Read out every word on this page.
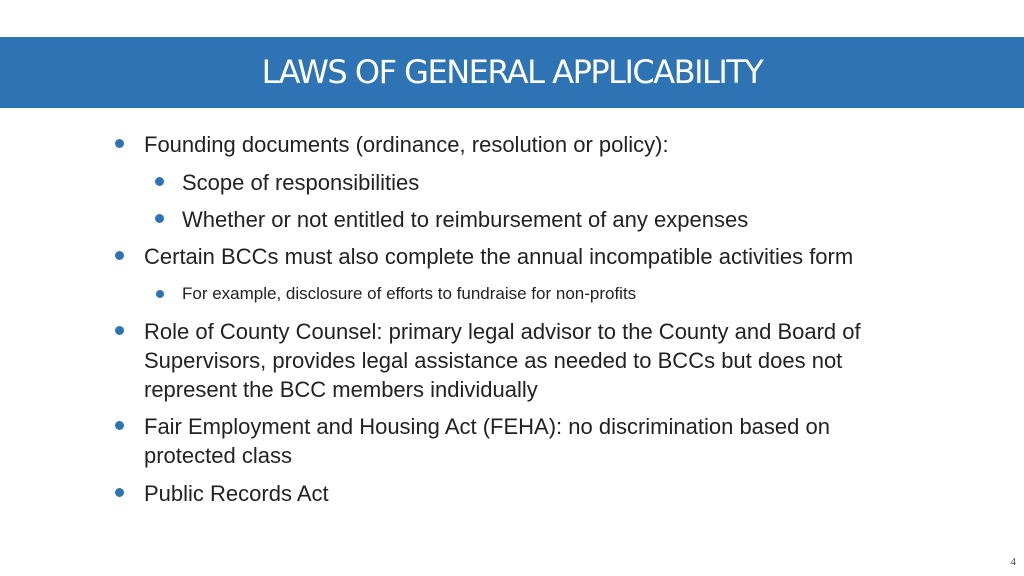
LAWS OF GENERAL APPLICABILITY
Founding documents (ordinance, resolution or policy):
Scope of responsibilities
Whether or not entitled to reimbursement of any expenses
Certain BCCs must also complete the annual incompatible activities form
For example, disclosure of efforts to fundraise for non-profits
Role of County Counsel: primary legal advisor to the County and Board of
Supervisors, provides legal assistance as needed to BCCs but does not
represent the BCC members individually
Fair Employment and Housing Act (FEHA): no discrimination based on
protected class
Public Records Act
4
